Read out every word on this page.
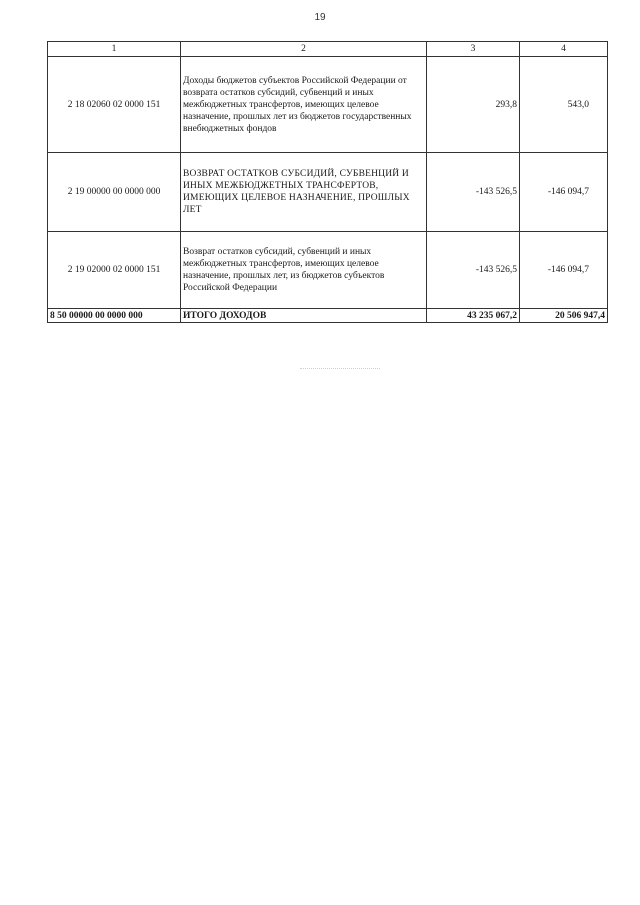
19
1	2	3	4
2 18 02060 02 0000 151	Доходы бюджетов субъектов Российской Федерации от возврата остатков субсидий, субвенций и иных межбюджетных трансфертов, имеющих целевое назначение, прошлых лет из бюджетов государственных внебюджетных фондов	293,8	543,0
2 19 00000 00 0000 000	ВОЗВРАТ ОСТАТКОВ СУБСИДИЙ, СУБВЕНЦИЙ И ИНЫХ МЕЖБЮДЖЕТНЫХ ТРАНСФЕРТОВ, ИМЕЮЩИХ ЦЕЛЕВОЕ НАЗНАЧЕНИЕ, ПРОШЛЫХ ЛЕТ	-143 526,5	-146 094,7
2 19 02000 02 0000 151	Возврат остатков субсидий, субвенций и иных межбюджетных трансфертов, имеющих целевое назначение, прошлых лет, из бюджетов субъектов Российской Федерации	-143 526,5	-146 094,7
8 50 00000 00 0000 000	ИТОГО ДОХОДОВ	43 235 067,2	20 506 947,4
